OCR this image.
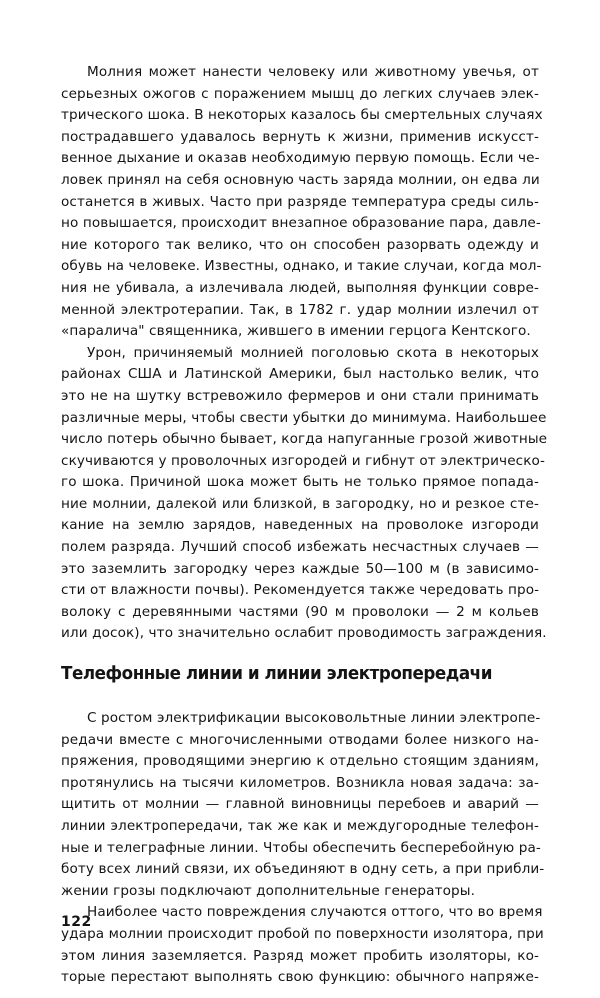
Молния может нанести человеку или животному увечья, от
серьезных ожогов с поражением мышц до легких случаев элек-
трического шока. В некоторых казалось бы смертельных случаях
пострадавшего удавалось вернуть к жизни, применив искусст-
венное дыхание и оказав необходимую первую помощь. Если че-
ловек принял на себя основную часть заряда молнии, он едва ли
останется в живых. Часто при разряде температура среды силь-
но повышается, происходит внезапное образование пара, давле-
ние которого так велико, что он способен разорвать одежду и
обувь на человеке. Известны, однако, и такие случаи, когда мол-
ния не убивала, а излечивала людей, выполняя функции совре-
менной электротерапии. Так, в 1782 г. удар молнии излечил от
«паралича" священника, жившего в имении герцога Кентского.
Урон, причиняемый молнией поголовью скота в некоторых
районах США и Латинской Америки, был настолько велик, что
это не на шутку встревожило фермеров и они стали принимать
различные меры, чтобы свести убытки до минимума. Наибольшее
число потерь обычно бывает, когда напуганные грозой животные
скучиваются у проволочных изгородей и гибнут от электрическо-
го шока. Причиной шока может быть не только прямое попада-
ние молнии, далекой или близкой, в загородку, но и резкое сте-
кание на землю зарядов, наведенных на проволоке изгороди
полем разряда. Лучший способ избежать несчастных случаев —
это заземлить загородку через каждые 50—100 м (в зависимо-
сти от влажности почвы). Рекомендуется также чередовать про-
волоку с деревянными частями (90 м проволоки — 2 м кольев
или досок), что значительно ослабит проводимость заграждения.
Телефонные линии и линии электропередачи
С ростом электрификации высоковольтные линии электропе-
редачи вместе с многочисленными отводами более низкого на-
пряжения, проводящими энергию к отдельно стоящим зданиям,
протянулись на тысячи километров. Возникла новая задача: за-
щитить от молнии — главной виновницы перебоев и аварий —
линии электропередачи, так же как и междугородные телефон-
ные и телеграфные линии. Чтобы обеспечить бесперебойную ра-
боту всех линий связи, их объединяют в одну сеть, а при прибли-
жении грозы подключают дополнительные генераторы.
Наиболее часто повреждения случаются оттого, что во время
удара молнии происходит пробой по поверхности изолятора, при
этом линия заземляется. Разряд может пробить изоляторы, ко-
торые перестают выполнять свою функцию: обычного напряже-
122
